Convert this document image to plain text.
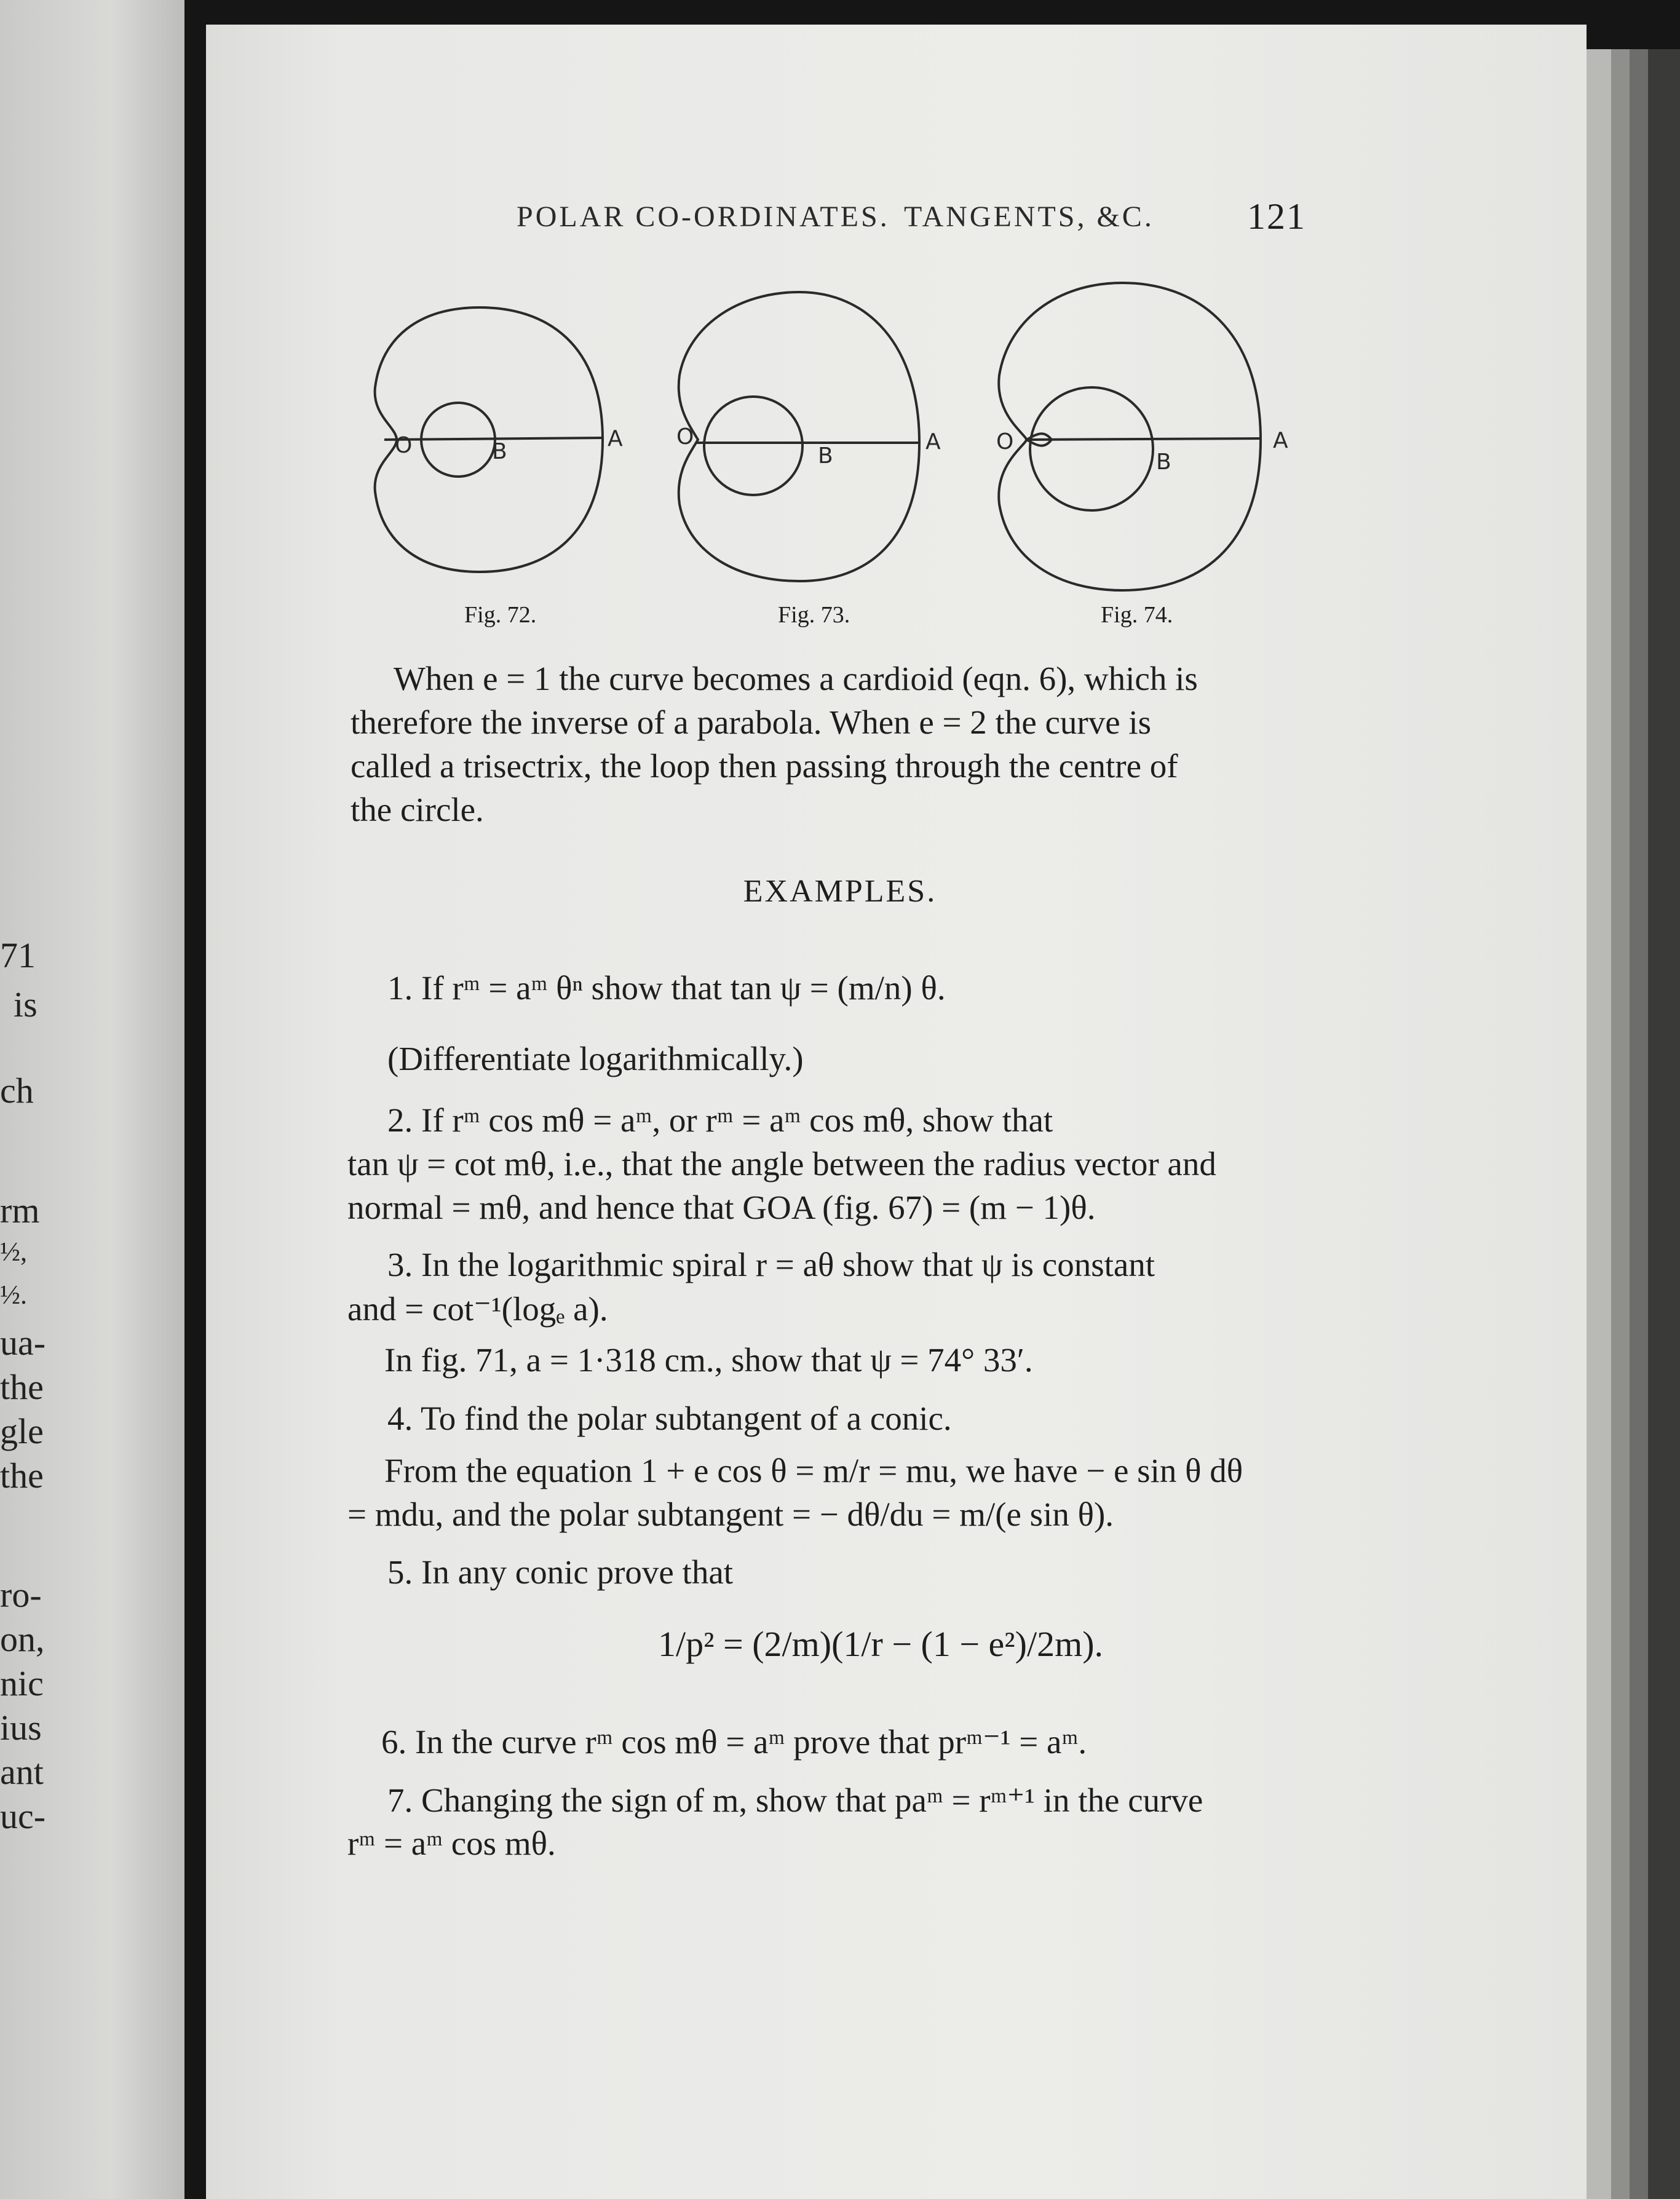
71
is
ch
rm
½,
½.
ua-
the
gle
the
ro-
on,
nic
ius
ant
uc-
POLAR CO-ORDINATES. TANGENTS, &C.	121
O	B
A O
B
A	O
B
A
Fig. 72.	Fig. 73.	Fig. 74.
When e = 1 the curve becomes a cardioid (eqn. 6), which is
therefore the inverse of a parabola. When e = 2 the curve is
called a trisectrix, the loop then passing through the centre of
the circle.
EXAMPLES.
1. If rᵐ = aᵐ θⁿ show that tan ψ = (m/n) θ.
(Differentiate logarithmically.)
2. If rᵐ cos mθ = aᵐ, or rᵐ = aᵐ cos mθ, show that
tan ψ = cot mθ, i.e., that the angle between the radius vector and
normal = mθ, and hence that GOA (fig. 67) = (m − 1)θ.
3. In the logarithmic spiral r = aθ show that ψ is constant
and = cot⁻¹(logₑ a).
In fig. 71, a = 1·318 cm., show that ψ = 74° 33′.
4. To find the polar subtangent of a conic.
From the equation 1 + e cos θ = m/r = mu, we have − e sin θ dθ
= mdu, and the polar subtangent = − dθ/du = m/(e sin θ).
5. In any conic prove that
1/p² = (2/m)(1/r − (1 − e²)/2m).
6. In the curve rᵐ cos mθ = aᵐ prove that prᵐ⁻¹ = aᵐ.
7. Changing the sign of m, show that paᵐ = rᵐ⁺¹ in the curve
rᵐ = aᵐ cos mθ.
